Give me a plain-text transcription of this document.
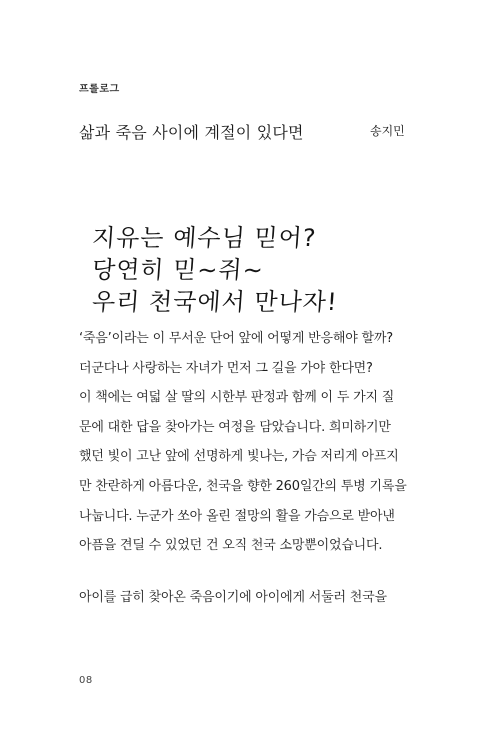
프롤로그
삶과 죽음 사이에 계절이 있다면	송지민
지유는 예수님 믿어?
당연히 믿~쥐~
우리 천국에서 만나자!
‘죽음’이라는 이 무서운 단어 앞에 어떻게 반응해야 할까?
더군다나 사랑하는 자녀가 먼저 그 길을 가야 한다면?
이 책에는 여덟 살 딸의 시한부 판정과 함께 이 두 가지 질
문에 대한 답을 찾아가는 여정을 담았습니다. 희미하기만
했던 빛이 고난 앞에 선명하게 빛나는, 가슴 저리게 아프지
만 찬란하게 아름다운, 천국을 향한 260일간의 투병 기록을
나눕니다. 누군가 쏘아 올린 절망의 활을 가슴으로 받아낸
아픔을 견딜 수 있었던 건 오직 천국 소망뿐이었습니다.
아이를 급히 찾아온 죽음이기에 아이에게 서둘러 천국을
08
